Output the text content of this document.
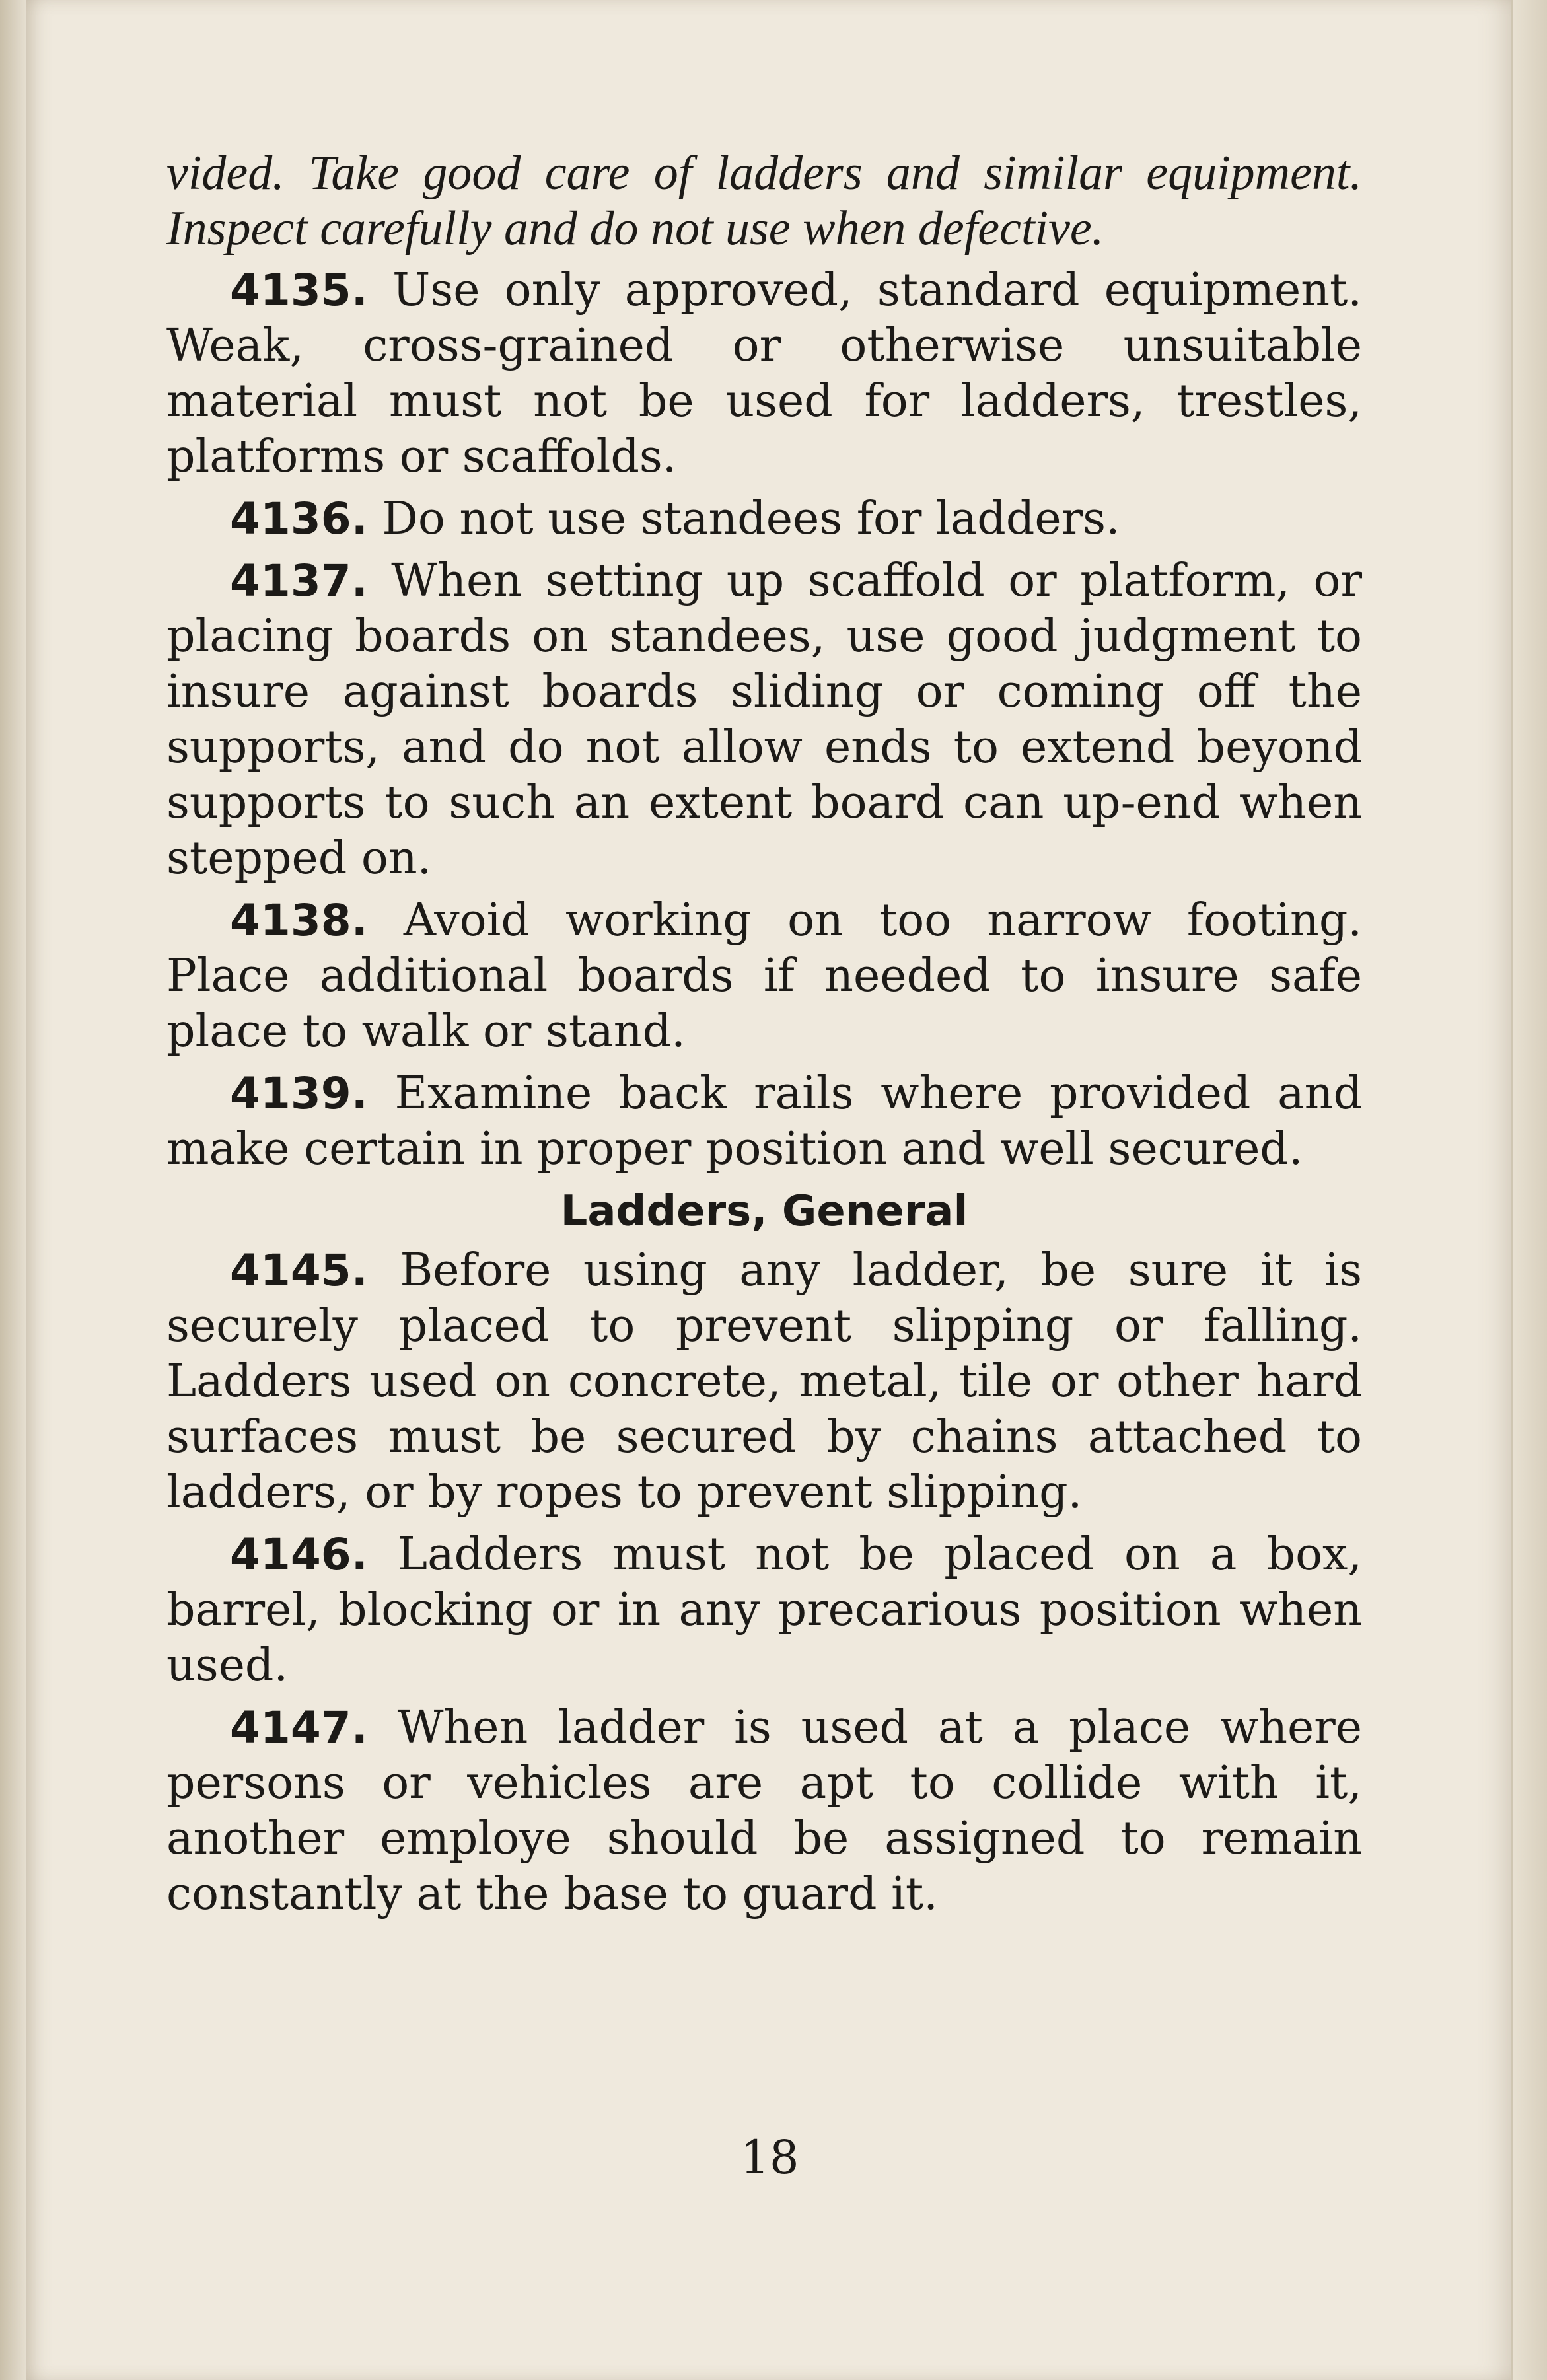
vided. Take good care of ladders and similar equipment. Inspect carefully and do not use when defective.

4135. Use only approved, standard equipment. Weak, cross-grained or otherwise unsuitable material must not be used for ladders, trestles, platforms or scaffolds.

4136. Do not use standees for ladders.

4137. When setting up scaffold or platform, or placing boards on standees, use good judgment to insure against boards sliding or coming off the supports, and do not allow ends to extend beyond supports to such an extent board can up-end when stepped on.

4138. Avoid working on too narrow footing. Place additional boards if needed to insure safe place to walk or stand.

4139. Examine back rails where provided and make certain in proper position and well secured.

Ladders, General

4145. Before using any ladder, be sure it is securely placed to prevent slipping or falling. Ladders used on concrete, metal, tile or other hard surfaces must be secured by chains attached to ladders, or by ropes to prevent slipping.

4146. Ladders must not be placed on a box, barrel, blocking or in any precarious position when used.

4147. When ladder is used at a place where persons or vehicles are apt to collide with it, another employe should be assigned to remain constantly at the base to guard it.

18
